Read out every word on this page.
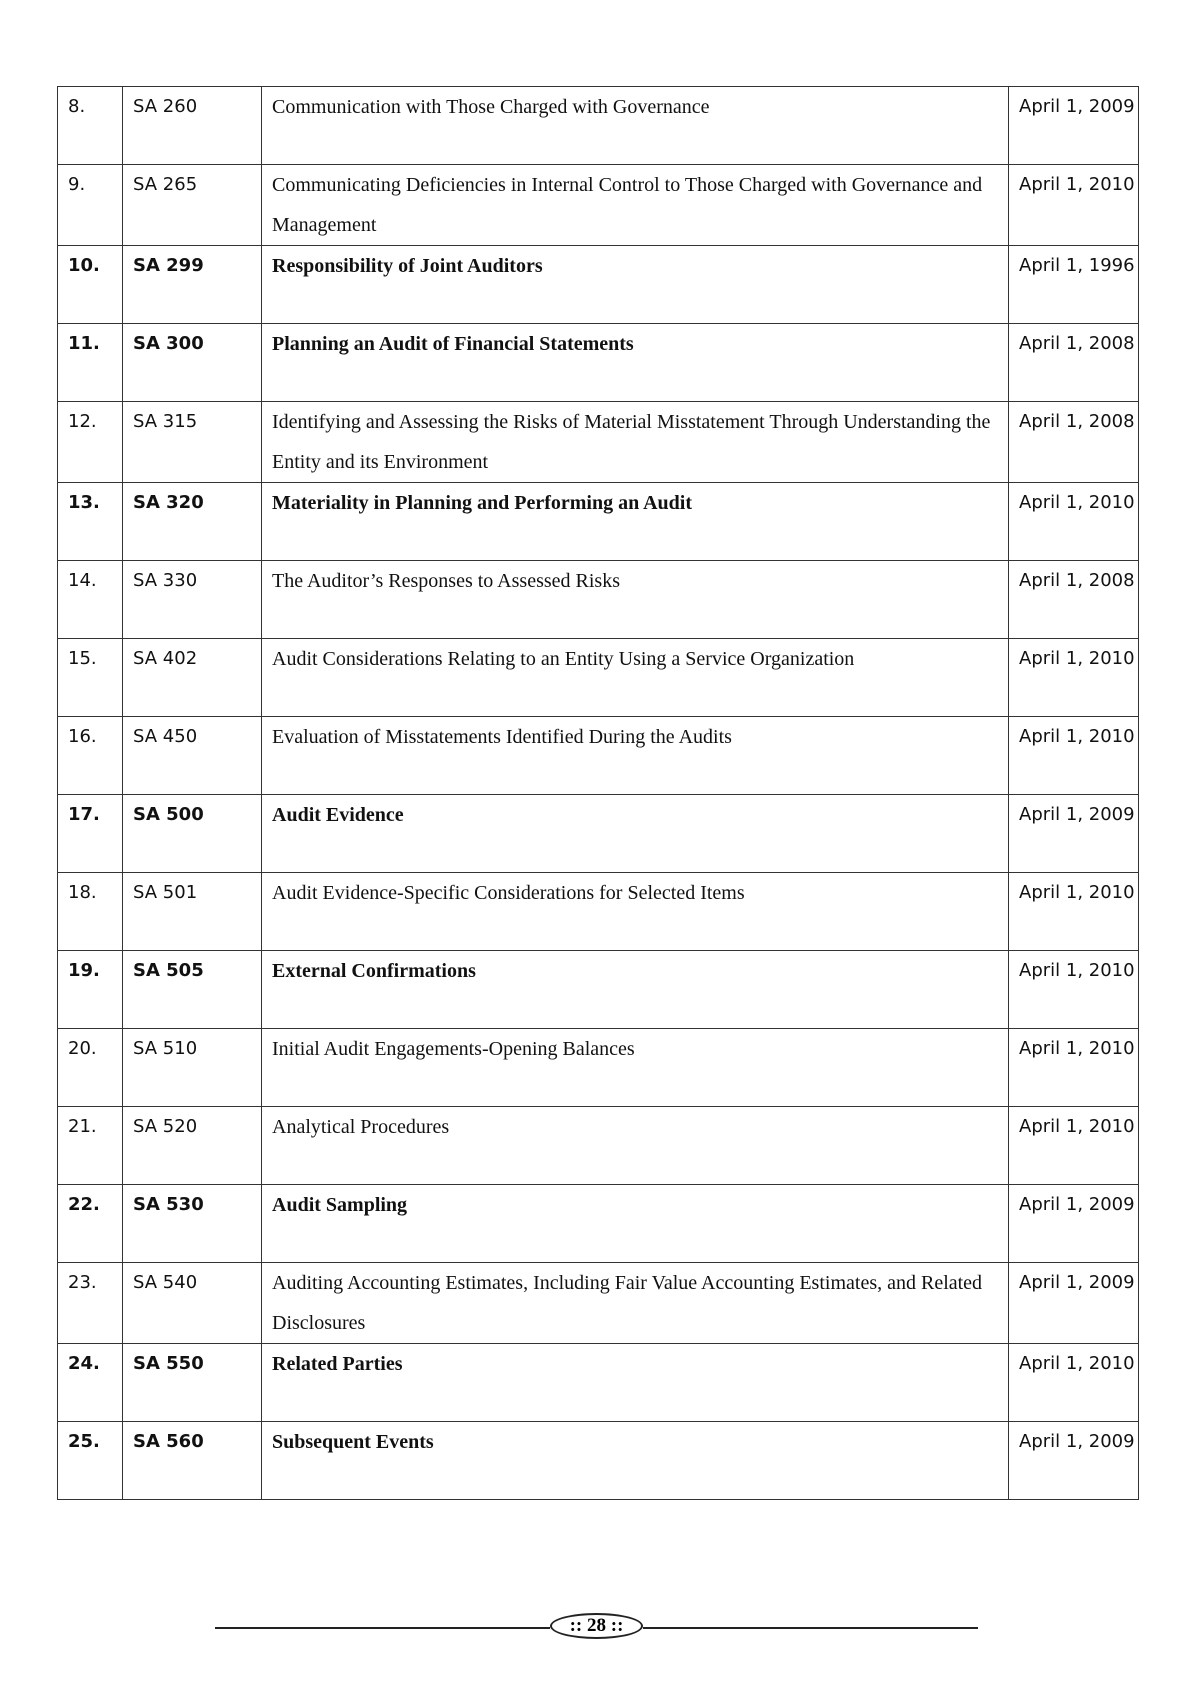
8.	SA 260	Communication with Those Charged with Governance	April 1, 2009

9.	SA 265	Communicating Deficiencies in Internal Control to Those Charged with Governance and Management	April 1, 2010

10.	SA 299	Responsibility of Joint Auditors	April 1, 1996

11.	SA 300	Planning an Audit of Financial Statements	April 1, 2008

12.	SA 315	Identifying and Assessing the Risks of Material Misstatement Through Understanding the Entity and its Environment	April 1, 2008

13.	SA 320	Materiality in Planning and Performing an Audit	April 1, 2010

14.	SA 330	The Auditor’s Responses to Assessed Risks	April 1, 2008

15.	SA 402	Audit Considerations Relating to an Entity Using a Service Organization	April 1, 2010

16.	SA 450	Evaluation of Misstatements Identified During the Audits	April 1, 2010

17.	SA 500	Audit Evidence	April 1, 2009

18.	SA 501	Audit Evidence-Specific Considerations for Selected Items	April 1, 2010

19.	SA 505	External Confirmations	April 1, 2010

20.	SA 510	Initial Audit Engagements-Opening Balances	April 1, 2010

21.	SA 520	Analytical Procedures	April 1, 2010

22.	SA 530	Audit Sampling	April 1, 2009

23.	SA 540	Auditing Accounting Estimates, Including Fair Value Accounting Estimates, and Related Disclosures	April 1, 2009

24.	SA 550	Related Parties	April 1, 2010

25.	SA 560	Subsequent Events	April 1, 2009
:: 28 ::
